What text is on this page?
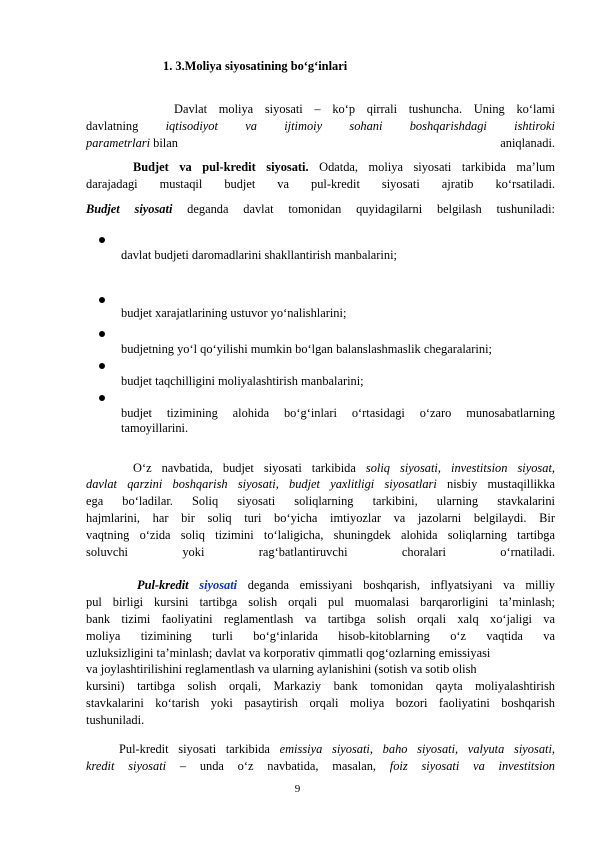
1. 3.Moliya siyosatining bo‘g‘inlari
Davlat moliya siyosati – ko‘p qirrali tushuncha. Uning ko‘lami
davlatning iqtisodiyot va ijtimoiy sohani boshqarishdagi ishtiroki
parametrlari bilan	aniqlanadi.
Budjet va pul-kredit siyosati. Odatda, moliya siyosati tarkibida ma’lum
darajadagi mustaqil budjet va pul-kredit siyosati ajratib ko‘rsatiladi.
Budjet siyosati deganda davlat tomonidan quyidagilarni belgilash tushuniladi:
davlat budjeti daromadlarini shakllantirish manbalarini;
budjet xarajatlarining ustuvor yo‘nalishlarini;
budjetning yo‘l qo‘yilishi mumkin bo‘lgan balanslashmaslik chegaralarini;
budjet taqchilligini moliyalashtirish manbalarini;
budjet tizimining alohida bo‘g‘inlari o‘rtasidagi o‘zaro munosabatlarning
tamoyillarini.
O‘z navbatida, budjet siyosati tarkibida soliq siyosati, investitsion siyosat,
davlat qarzini boshqarish siyosati, budjet yaxlitligi siyosatlari nisbiy mustaqillikka
ega bo‘ladilar. Soliq siyosati soliqlarning tarkibini, ularning stavkalarini
hajmlarini, har bir soliq turi bo‘yicha imtiyozlar va jazolarni belgilaydi. Bir
vaqtning o‘zida soliq tizimini to‘laligicha, shuningdek alohida soliqlarning tartibga
soluvchi yoki rag‘batlantiruvchi choralari o‘rnatiladi.
Pul-kredit siyosati deganda emissiyani boshqarish, inflyatsiyani va milliy
pul birligi kursini tartibga solish orqali pul muomalasi barqarorligini ta’minlash;
bank tizimi faoliyatini reglamentlash va tartibga solish orqali xalq xo‘jaligi va
moliya tizimining turli bo‘g‘inlarida hisob-kitoblarning o‘z vaqtida va
uzluksizligini ta’minlash; davlat va korporativ qimmatli qog‘ozlarning emissiyasi
va joylashtirilishini reglamentlash va ularning aylanishini (sotish va sotib olish
kursini) tartibga solish orqali, Markaziy bank tomonidan qayta moliyalashtirish
stavkalarini ko‘tarish yoki pasaytirish orqali moliya bozori faoliyatini boshqarish
tushuniladi.
Pul-kredit siyosati tarkibida emissiya siyosati, baho siyosati, valyuta siyosati,
kredit siyosati – unda o‘z navbatida, masalan, foiz siyosati va investitsion
9
